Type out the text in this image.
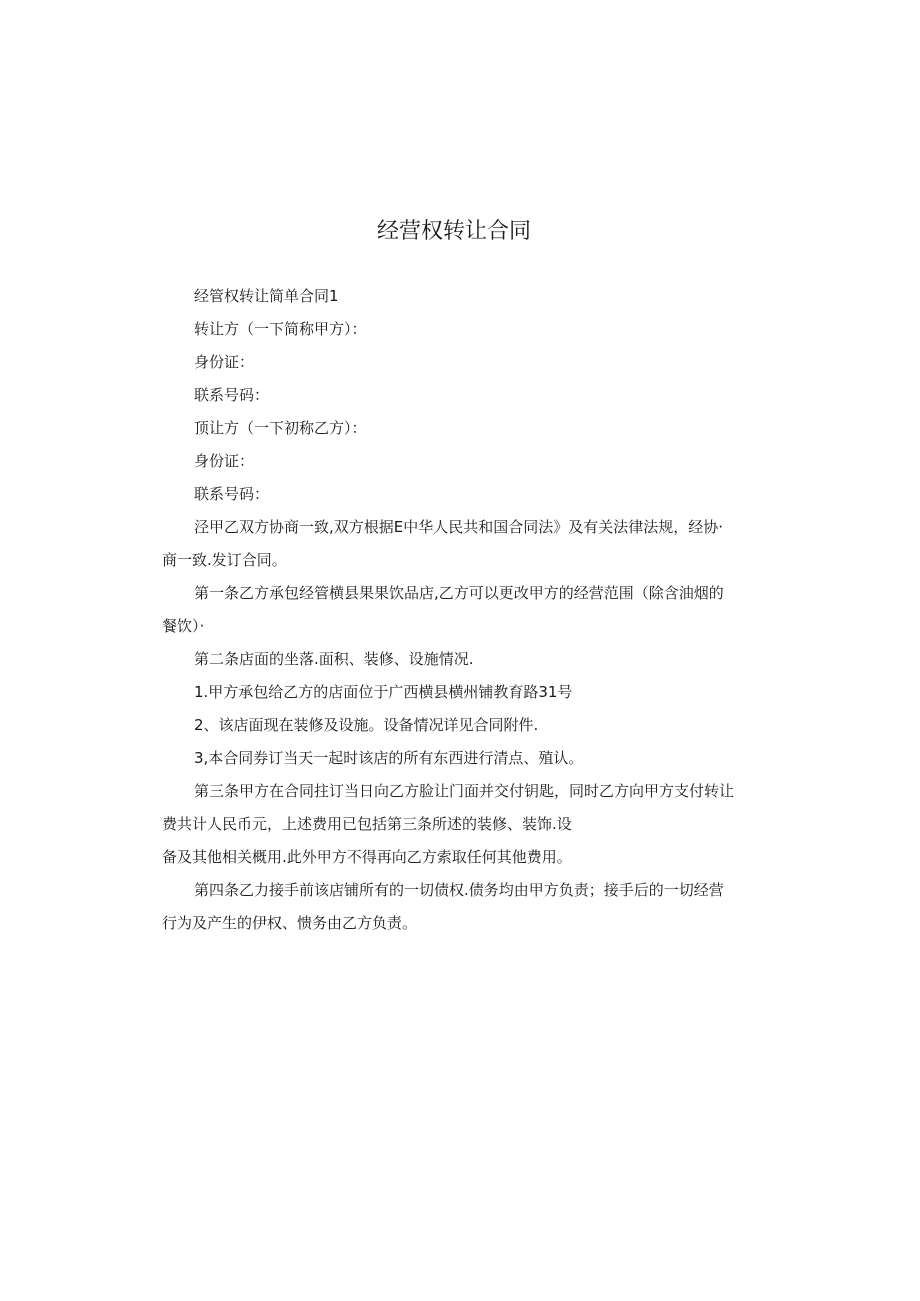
经营权转让合同
经管权转让简单合同1
转让方（一下简称甲方）：
身份证：
联系号码：
顶让方（一下初称乙方）：
身份证：
联系号码：
泾甲乙双方协商一致,双方根据E中华人民共和国合同法》及有关法律法规，经协·
商一致.发订合同。
第一条乙方承包经管横县果果饮品店,乙方可以更改甲方的经营范围（除含油烟的
餐饮）·
第二条店面的坐落.面积、装修、设施情况.
1.甲方承包给乙方的店面位于广西横县横州铺教育路31号
2、该店面现在装修及设施。设备情况详见合同附件.
3,本合同券订当天一起时该店的所有东西进行清点、殖认。
第三条甲方在合同拄订当日向乙方脸让门面并交付钥匙，同时乙方向甲方支付转让
费共计人民币元，上述费用已包括第三条所述的装修、装饰.设
备及其他相关概用.此外甲方不得再向乙方索取任何其他费用。
第四条乙力接手前该店铺所有的一切债权.债务均由甲方负责；接手后的一切经营
行为及产生的伊权、愦务由乙方负责。
